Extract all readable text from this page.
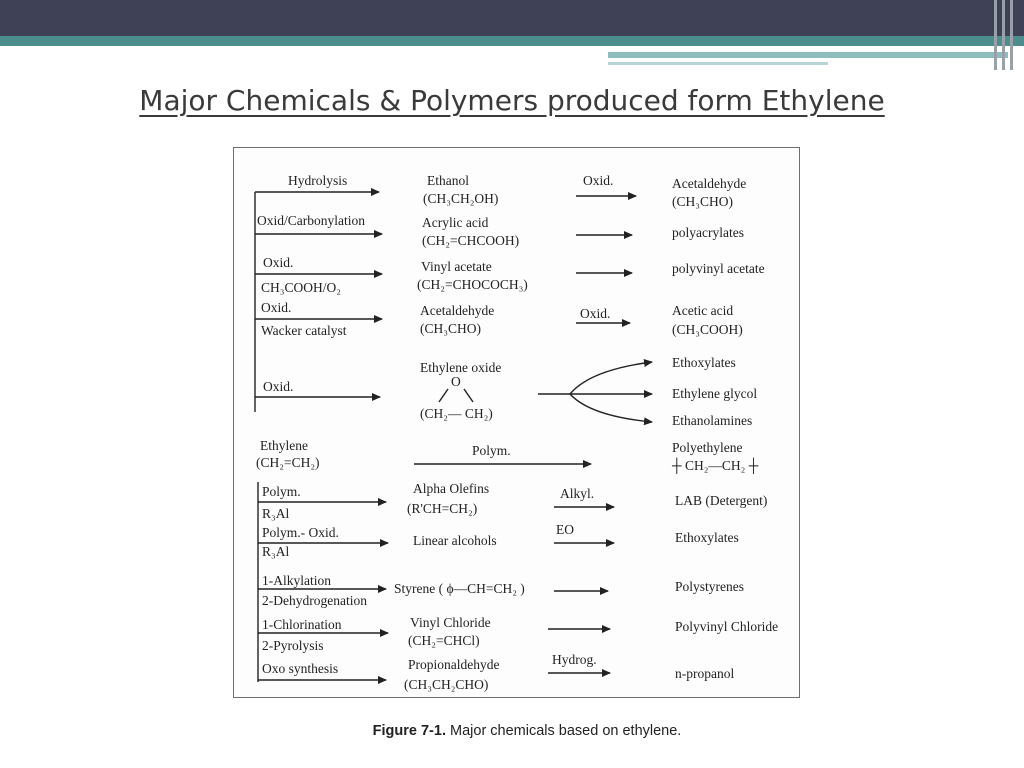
Major Chemicals & Polymers produced form Ethylene
Hydrolysis	Ethanol
(CH₃CH₂OH)
Oxid.	Acetaldehyde
(CH₃CHO)
Oxid/Carbonylation	Acrylic acid
(CH₂=CHCOOH)
polyacrylates
Oxid.
CH₃COOH/O₂
Vinyl acetate
(CH₂=CHOCOCH₃)
polyvinyl acetate
Oxid.
Wacker catalyst
Acetaldehyde
(CH₃CHO)
Oxid.	Acetic acid
(CH₃COOH)
Oxid.
Ethylene oxide
O
(CH₂— CH₂)
Ethoxylates
Ethylene glycol
Ethanolamines
Ethylene
(CH₂=CH₂)
Polym.	Polyethylene
┼ CH₂—CH₂ ┼
Polym.
R₃Al
Alpha Olefins
(R'CH=CH₂)
Alkyl.	LAB (Detergent)
Polym.- Oxid.
R₃Al
Linear alcohols
EO
Ethoxylates
1-Alkylation
2-Dehydrogenation
Styrene ( ϕ—CH=CH₂ )	Polystyrenes
1-Chlorination
2-Pyrolysis
Vinyl Chloride
(CH₂=CHCl)
Polyvinyl Chloride
Oxo synthesis	Propionaldehyde
(CH₃CH₂CHO)
Hydrog.
n-propanol
Figure 7-1. Major chemicals based on ethylene.
